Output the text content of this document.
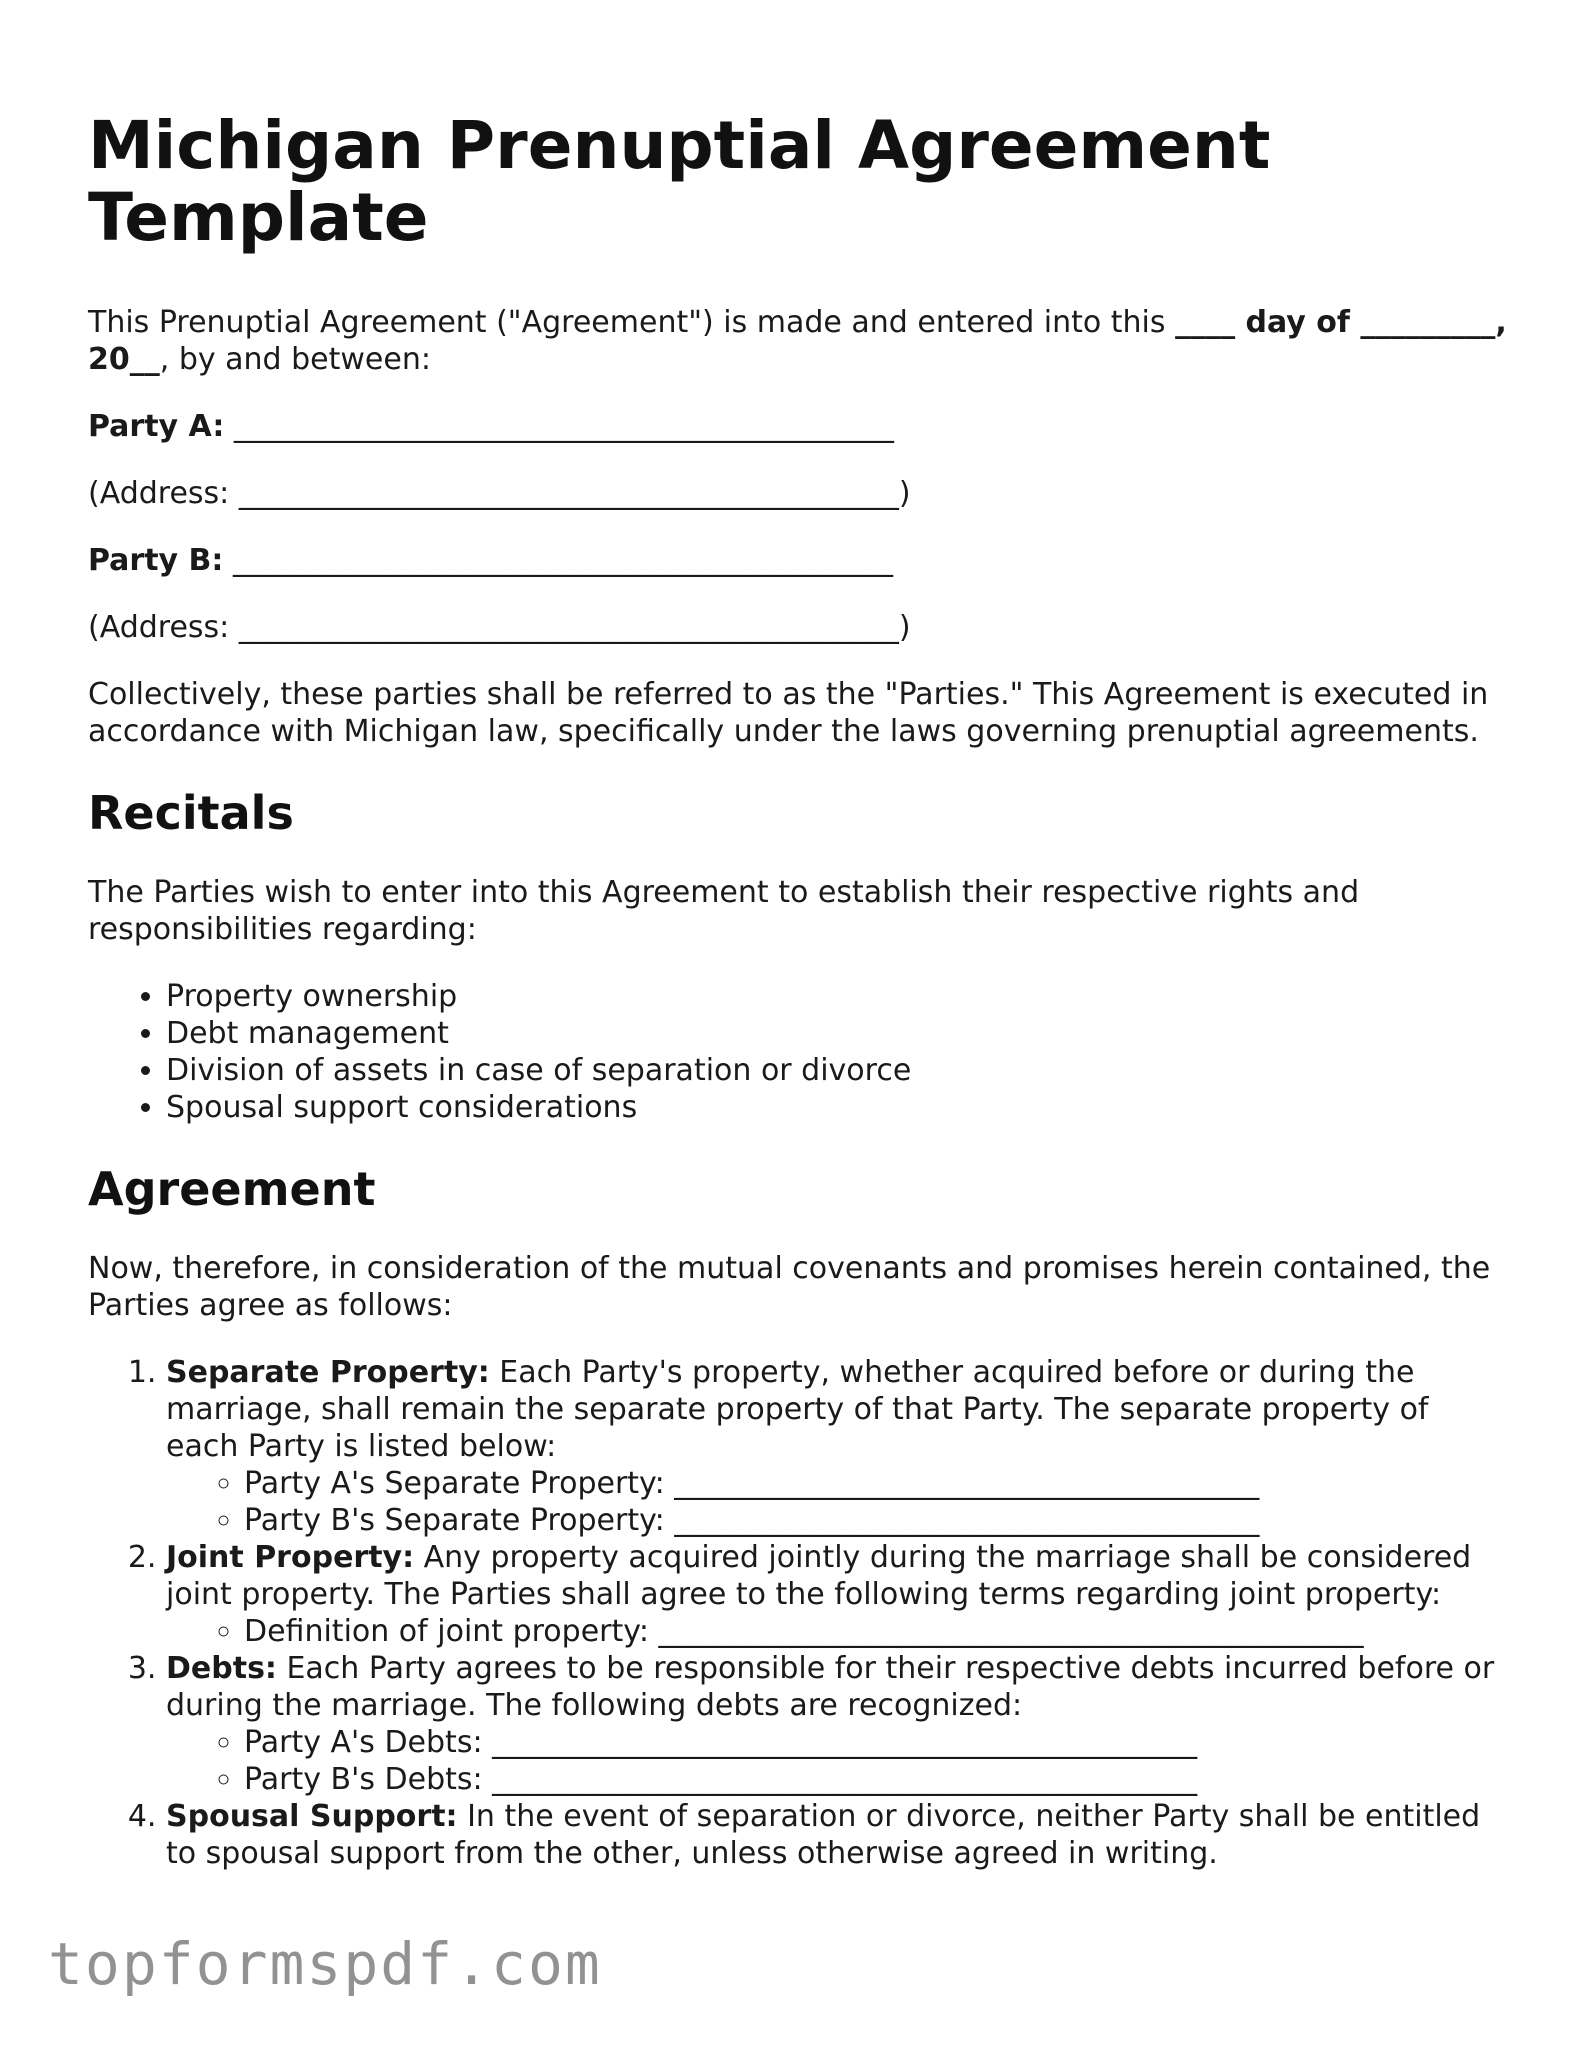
Michigan Prenuptial Agreement Template

This Prenuptial Agreement ("Agreement") is made and entered into this ____ day of _________, 20__, by and between:

Party A: ____________________________________________
(Address: ____________________________________________)
Party B: ____________________________________________
(Address: ____________________________________________)

Collectively, these parties shall be referred to as the "Parties." This Agreement is executed in accordance with Michigan law, specifically under the laws governing prenuptial agreements.

Recitals

The Parties wish to enter into this Agreement to establish their respective rights and responsibilities regarding:

• Property ownership
• Debt management
• Division of assets in case of separation or divorce
• Spousal support considerations
Agreement

Now, therefore, in consideration of the mutual covenants and promises herein contained, the Parties agree as follows:

1. Separate Property: Each Party's property, whether acquired before or during the marriage, shall remain the separate property of that Party. The separate property of each Party is listed below:
◦ Party A's Separate Property: _______________________________________
◦ Party B's Separate Property: _______________________________________
2. Joint Property: Any property acquired jointly during the marriage shall be considered joint property. The Parties shall agree to the following terms regarding joint property:
◦ Definition of joint property: _______________________________________________
3. Debts: Each Party agrees to be responsible for their respective debts incurred before or during the marriage. The following debts are recognized:
◦ Party A's Debts: _______________________________________________
◦ Party B's Debts: _______________________________________________
4. Spousal Support: In the event of separation or divorce, neither Party shall be entitled to spousal support from the other, unless otherwise agreed in writing.
topformspdf.com
